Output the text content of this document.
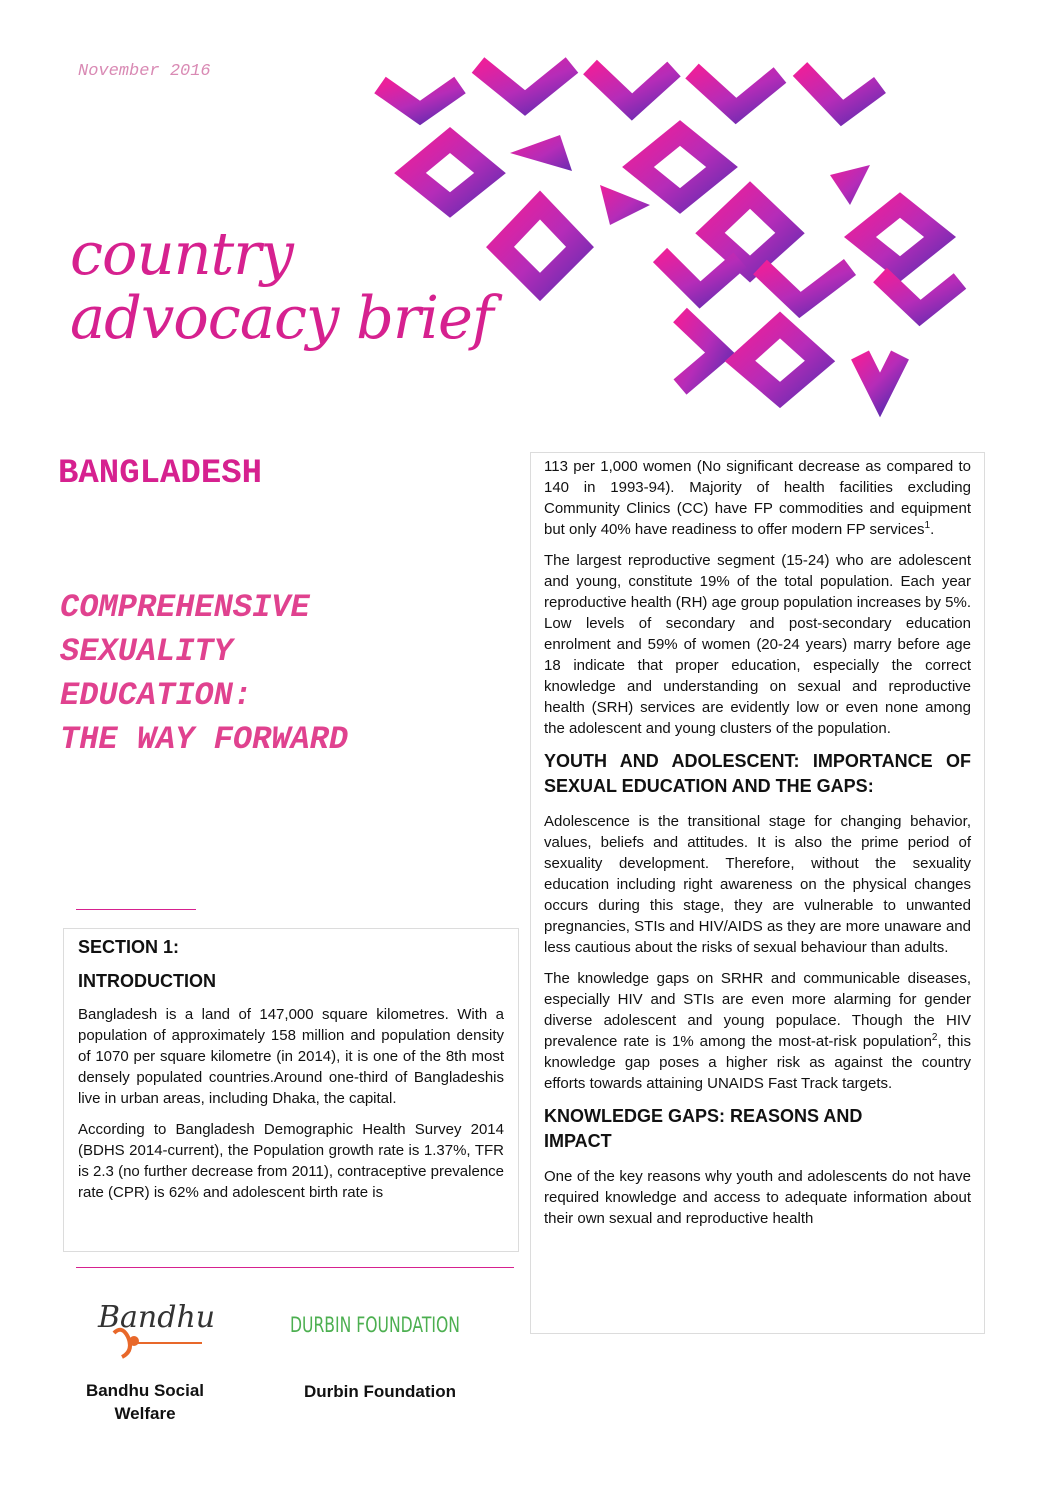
November 2016
country
advocacy brief
BANGLADESH
COMPREHENSIVE
SEXUALITY
EDUCATION:
THE WAY FORWARD

SECTION 1:

INTRODUCTION

Bangladesh is a land of 147,000 square kilometres. With a population of approximately 158 million and population density of 1070 per square kilometre (in 2014), it is one of the 8th most densely populated countries.Around one-third of Bangladeshis live in urban areas, including Dhaka, the capital.

According to Bangladesh Demographic Health Survey 2014 (BDHS 2014-current), the Population growth rate is 1.37%, TFR is 2.3 (no further decrease from 2011), contraceptive prevalence rate (CPR) is 62% and adolescent birth rate is

113 per 1,000 women (No significant decrease as compared to 140 in 1993-94). Majority of health facilities excluding Community Clinics (CC) have FP commodities and equipment but only 40% have readiness to offer modern FP services$^1$.

The largest reproductive segment (15-24) who are adolescent and young, constitute 19% of the total population. Each year reproductive health (RH) age group population increases by 5%. Low levels of secondary and post-secondary education enrolment and 59% of women (20-24 years) marry before age 18 indicate that proper education, especially the correct knowledge and understanding on sexual and reproductive health (SRH) services are evidently low or even none among the adolescent and young clusters of the population.

YOUTH AND ADOLESCENT: IMPORTANCE OF SEXUAL EDUCATION AND THE GAPS:

Adolescence is the transitional stage for changing behavior, values, beliefs and attitudes. It is also the prime period of sexuality development. Therefore, without the sexuality education including right awareness on the physical changes occurs during this stage, they are vulnerable to unwanted pregnancies, STIs and HIV/AIDS as they are more unaware and less cautious about the risks of sexual behaviour than adults.

The knowledge gaps on SRHR and communicable diseases, especially HIV and STIs are even more alarming for gender diverse adolescent and young populace. Though the HIV prevalence rate is 1% among the most-at-risk population$^2$, this knowledge gap poses a higher risk as against the country efforts towards attaining UNAIDS Fast Track targets.

KNOWLEDGE GAPS: REASONS AND IMPACT

One of the key reasons why youth and adolescents do not have required knowledge and access to adequate information about their own sexual and reproductive health

Bandhu	DURBIN FOUNDATION
Bandhu Social Welfare
Durbin Foundation
